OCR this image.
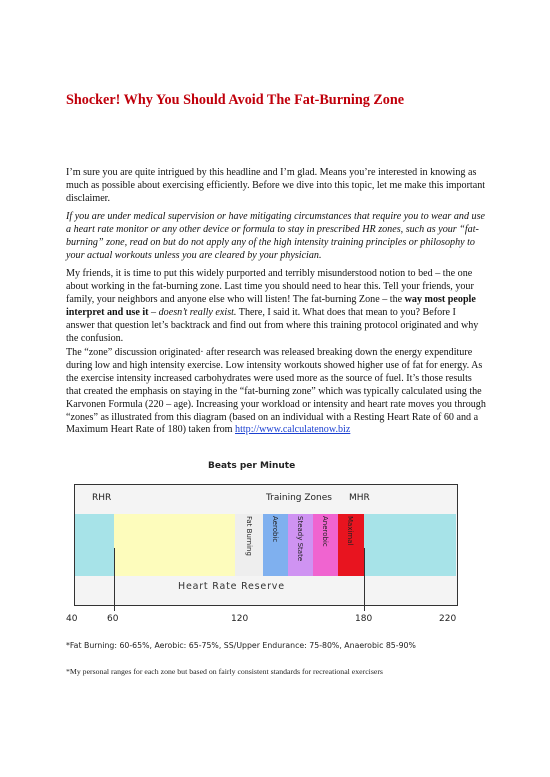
Shocker! Why You Should Avoid The Fat-Burning Zone

I’m sure you are quite intrigued by this headline and I’m glad. Means you’re interested in knowing as much as possible about exercising efficiently. Before we dive into this topic, let me make this important disclaimer.

If you are under medical supervision or have mitigating circumstances that require you to wear and use a heart rate monitor or any other device or formula to stay in prescribed HR zones, such as your “fat-burning” zone, read on but do not apply any of the high intensity training principles or philosophy to your actual workouts unless you are cleared by your physician.

My friends, it is time to put this widely purported and terribly misunderstood notion to bed – the one about working in the fat-burning zone. Last time you should need to hear this. Tell your friends, your family, your neighbors and anyone else who will listen! The fat-burning Zone – the way most people interpret and use it – doesn’t really exist. There, I said it. What does that mean to you? Before I answer that question let’s backtrack and find out from where this training protocol originated and why the confusion.

The “zone” discussion originated· after research was released breaking down the energy expenditure during low and high intensity exercise. Low intensity workouts showed higher use of fat for energy. As the exercise intensity increased carbohydrates were used more as the source of fuel. It’s those results that created the emphasis on staying in the “fat-burning zone” which was typically calculated using the Karvonen Formula (220 – age). Increasing your workload or intensity and heart rate moves you through “zones” as illustrated from this diagram (based on an individual with a Resting Heart Rate of 60 and a Maximum Heart Rate of 180) taken from http://www.calculatenow.biz

Beats per Minute
RHR	Training Zones MHR
Fat Burning	Aerobic Steady State Anerobic Maximal
Heart Rate Reserve
40	60	120	180	220

*Fat Burning: 60-65%, Aerobic: 65-75%, SS/Upper Endurance: 75-80%, Anaerobic 85-90%

*My personal ranges for each zone but based on fairly consistent standards for recreational exercisers
